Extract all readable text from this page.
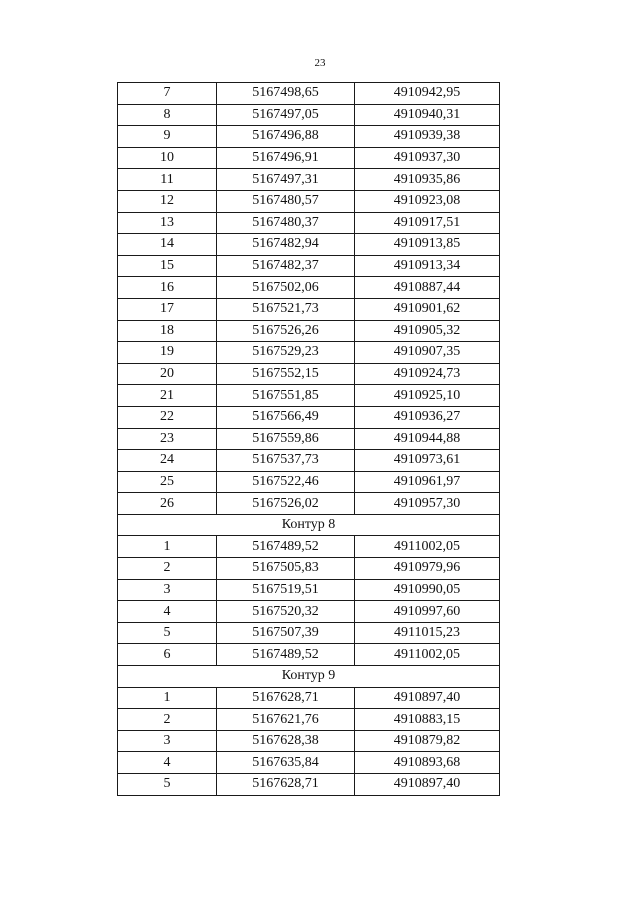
23
7	5167498,65	4910942,95
8	5167497,05	4910940,31
9	5167496,88	4910939,38
10	5167496,91	4910937,30
11	5167497,31	4910935,86
12	5167480,57	4910923,08
13	5167480,37	4910917,51
14	5167482,94	4910913,85
15	5167482,37	4910913,34
16	5167502,06	4910887,44
17	5167521,73	4910901,62
18	5167526,26	4910905,32
19	5167529,23	4910907,35
20	5167552,15	4910924,73
21	5167551,85	4910925,10
22	5167566,49	4910936,27
23	5167559,86	4910944,88
24	5167537,73	4910973,61
25	5167522,46	4910961,97
26	5167526,02	4910957,30
Контур 8		
1	5167489,52	4911002,05
2	5167505,83	4910979,96
3	5167519,51	4910990,05
4	5167520,32	4910997,60
5	5167507,39	4911015,23
6	5167489,52	4911002,05
Контур 9		
1	5167628,71	4910897,40
2	5167621,76	4910883,15
3	5167628,38	4910879,82
4	5167635,84	4910893,68
5	5167628,71	4910897,40
